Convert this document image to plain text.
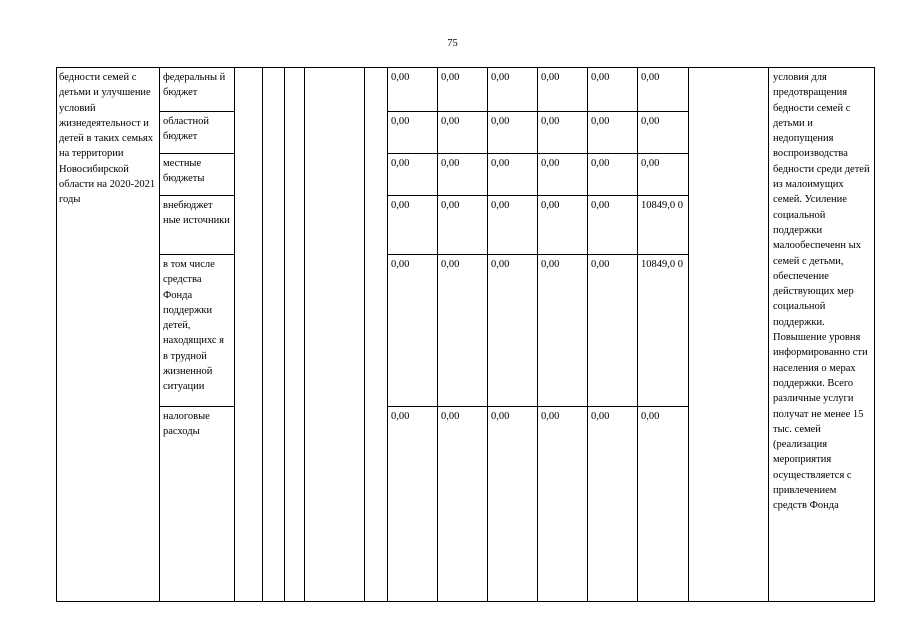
75
бедности семей с детьми и улучшение условий жизнедеятельност и детей в таких семьях на территории Новосибирской области на 2020-2021 годы	федеральны й бюджет						0,00	0,00	0,00	0,00	0,00	0,00		условия для предотвращения бедности семей с детьми и недопущения воспроизводства бедности среди детей из малоимущих семей. Усиление социальной поддержки малообеспеченн ых семей с детьми, обеспечение действующих мер социальной поддержки. Повышение уровня информированно сти населения о мерах поддержки. Всего различные услуги получат не менее 15 тыс. семей (реализация мероприятия осуществляется с привлечением средств Фонда
	областной бюджет						0,00	0,00	0,00	0,00	0,00	0,00		
	местные бюджеты						0,00	0,00	0,00	0,00	0,00	0,00		
	внебюджет ные источники						0,00	0,00	0,00	0,00	0,00	10849,0 0		
	в том числе средства Фонда поддержки детей, находящихс я в трудной жизненной ситуации						0,00	0,00	0,00	0,00	0,00	10849,0 0		
	налоговые расходы						0,00	0,00	0,00	0,00	0,00	0,00		
